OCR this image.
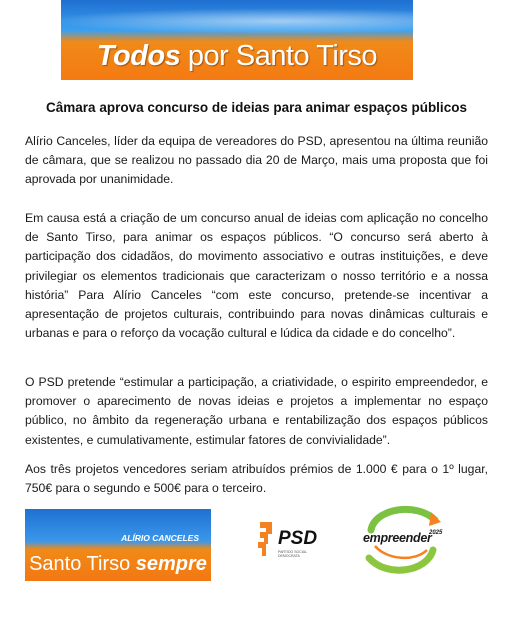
Todos por Santo Tirso
Câmara aprova concurso de ideias para animar espaços públicos

Alírio Canceles, líder da equipa de vereadores do PSD, apresentou na última reunião de câmara, que se realizou no passado dia 20 de Março, mais uma proposta que foi aprovada por unanimidade.

Em causa está a criação de um concurso anual de ideias com aplicação no concelho de Santo Tirso, para animar os espaços públicos. “O concurso será aberto à participação dos cidadãos, do movimento associativo e outras instituições, e deve privilegiar os elementos tradicionais que caracterizam o nosso território e a nossa história” Para Alírio Canceles “com este concurso, pretende-se incentivar a apresentação de projetos culturais, contribuindo para novas dinâmicas culturais e urbanas e para o reforço da vocação cultural e lúdica da cidade e do concelho”.

O PSD pretende “estimular a participação, a criatividade, o espirito empreendedor, e promover o aparecimento de novas ideias e projetos a implementar no espaço público, no âmbito da regeneração urbana e rentabilização dos espaços públicos existentes, e cumulativamente, estimular fatores de convivialidade”.

Aos três projetos vencedores seriam atribuídos prémios de 1.000 € para o 1º lugar, 750€ para o segundo e 500€ para o terceiro.

ALÍRIO CANCELES
Santo Tirso sempre
PSD
PARTIDO SOCIAL DEMOCRATA
empreender
2025
